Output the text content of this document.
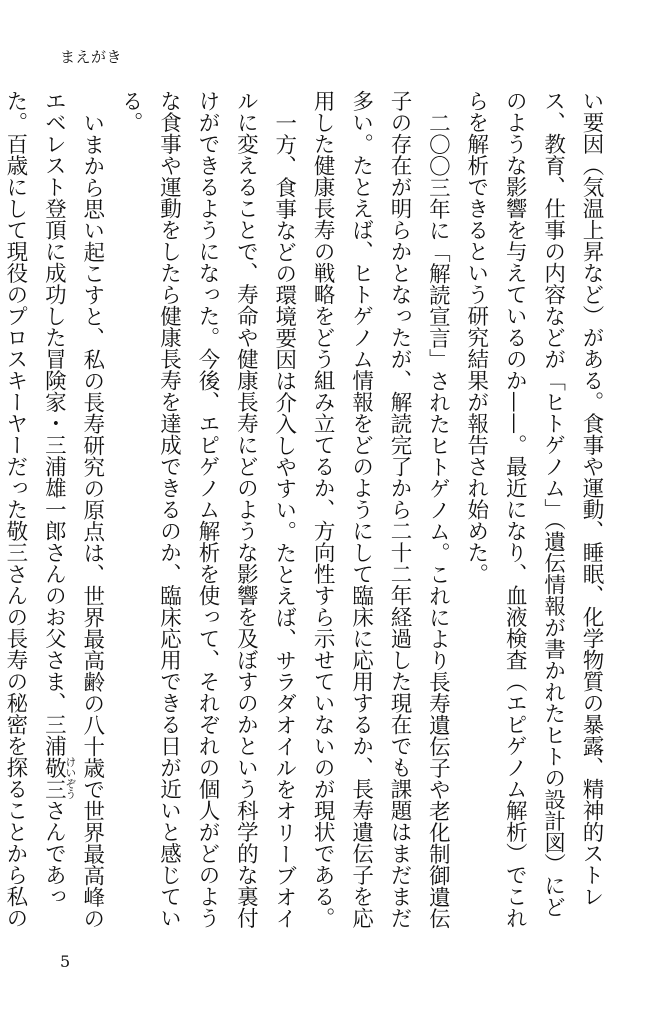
まえがき

い要因（気温上昇など）がある。食事や運動、睡眠、化学物質の暴露、精神的ストレス、教育、仕事の内容などが「ヒトゲノム」（遺伝情報が書かれたヒトの設計図）にどのような影響を与えているのか——。最近になり、血液検査（エピゲノム解析）でこれらを解析できるという研究結果が報告され始めた。

二〇〇三年に「解読宣言」されたヒトゲノム。これにより長寿遺伝子や老化制御遺伝子の存在が明らかとなったが、解読完了から二十二年経過した現在でも課題はまだまだ多い。たとえば、ヒトゲノム情報をどのようにして臨床に応用するか、長寿遺伝子を応用した健康長寿の戦略をどう組み立てるか、方向性すら示せていないのが現状である。

一方、食事などの環境要因は介入しやすい。たとえば、サラダオイルをオリーブオイルに変えることで、寿命や健康長寿にどのような影響を及ぼすのかという科学的な裏付けができるようになった。今後、エピゲノム解析を使って、それぞれの個人がどのような食事や運動をしたら健康長寿を達成できるのか、臨床応用できる日が近いと感じている。

いまから思い起こすと、私の長寿研究の原点は、世界最高齢の八十歳で世界最高峰のエベレスト登頂に成功した冒険家・三浦雄一郎さんのお父さま、三浦敬三けいぞうさんであった。百歳にして現役のプロスキーヤーだった敬三さんの長寿の秘密を探ることから私の

5
